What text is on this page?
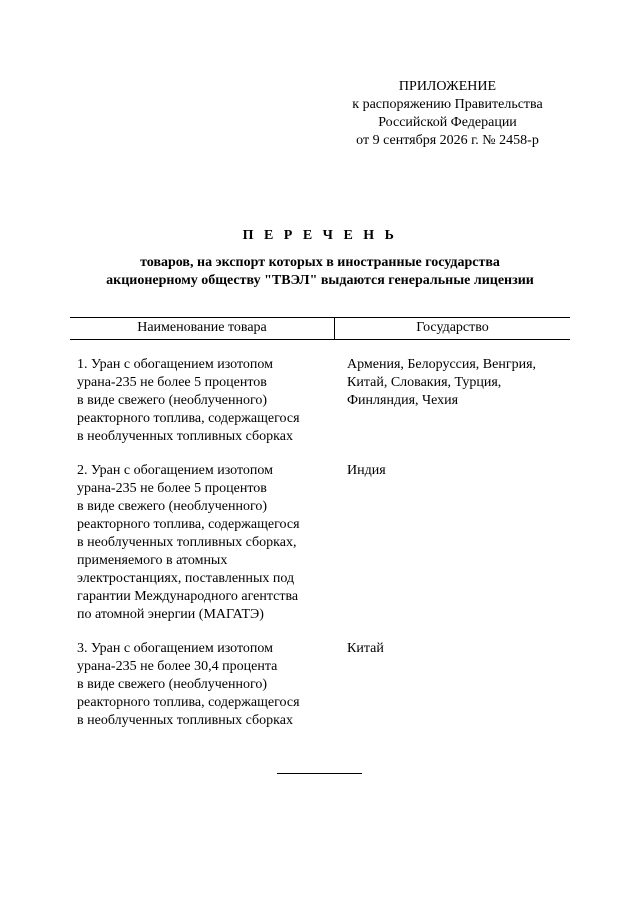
ПРИЛОЖЕНИЕ
к распоряжению Правительства
Российской Федерации
от 9 сентября 2026 г. № 2458-р
П Е Р Е Ч Е Н Ь
товаров, на экспорт которых в иностранные государства
акционерному обществу "ТВЭЛ" выдаются генеральные лицензии
Наименование товара	Государство
1. Уран с обогащением изотопом
урана-235 не более 5 процентов
в виде свежего (необлученного)
реакторного топлива, содержащегося
в необлученных топливных сборках
Армения, Белоруссия, Венгрия,
Китай, Словакия, Турция,
Финляндия, Чехия
2. Уран с обогащением изотопом
урана-235 не более 5 процентов
в виде свежего (необлученного)
реакторного топлива, содержащегося
в необлученных топливных сборках,
применяемого в атомных
электростанциях, поставленных под
гарантии Международного агентства
по атомной энергии (МАГАТЭ)
Индия
3. Уран с обогащением изотопом
урана-235 не более 30,4 процента
в виде свежего (необлученного)
реакторного топлива, содержащегося
в необлученных топливных сборках
Китай
